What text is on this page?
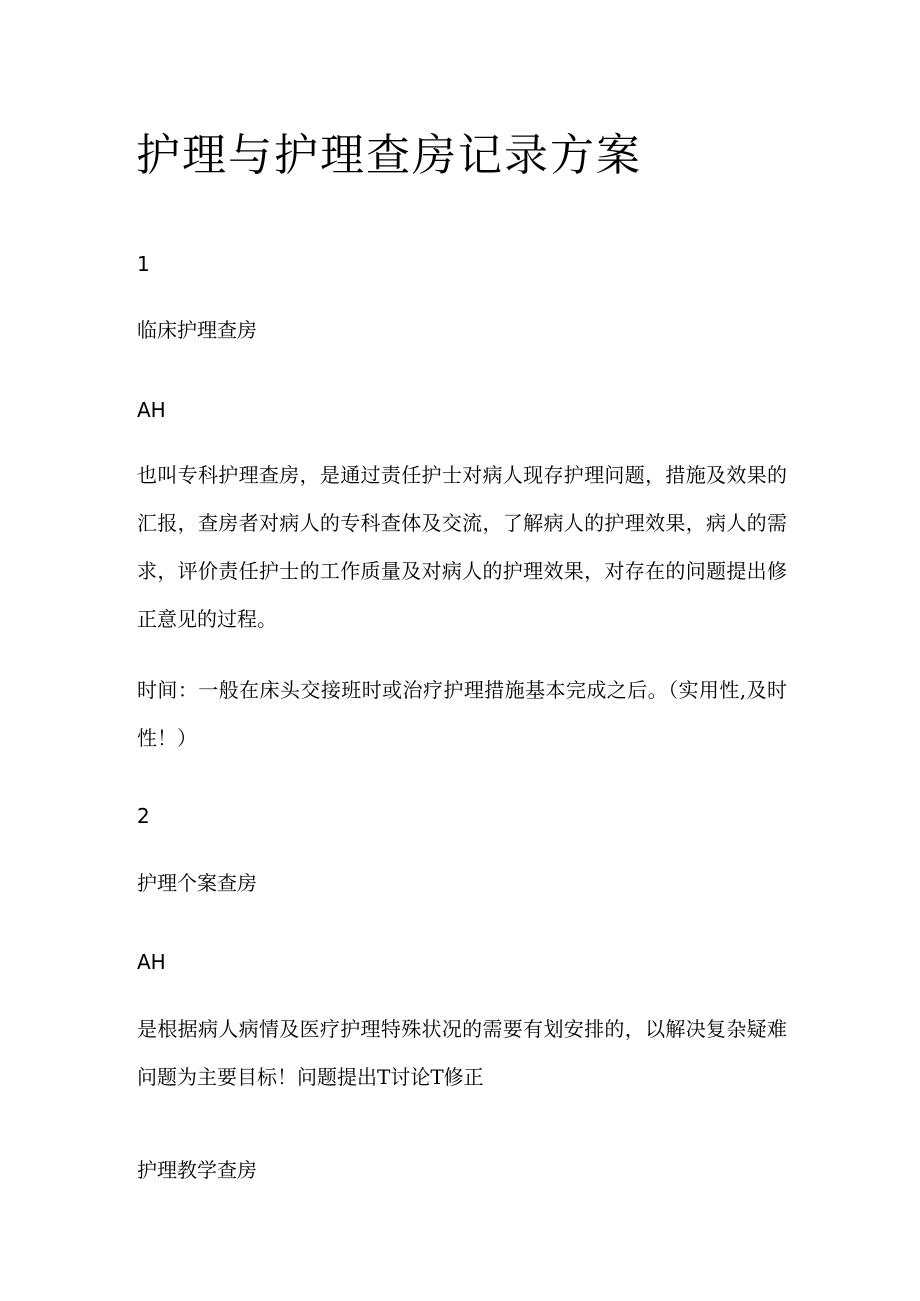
护理与护理查房记录方案
1
临床护理查房
AH

也叫专科护理查房，是通过责任护士对病人现存护理问题，措施及效果的汇报，查房者对病人的专科查体及交流，了解病人的护理效果，病人的需求，评价责任护士的工作质量及对病人的护理效果，对存在的问题提出修正意见的过程。

时间：一般在床头交接班时或治疗护理措施基本完成之后。（实用性,及时性！）

2
护理个案查房
AH

是根据病人病情及医疗护理特殊状况的需要有划安排的，以解决复杂疑难问题为主要目标！问题提出T讨论T修正

护理教学查房
